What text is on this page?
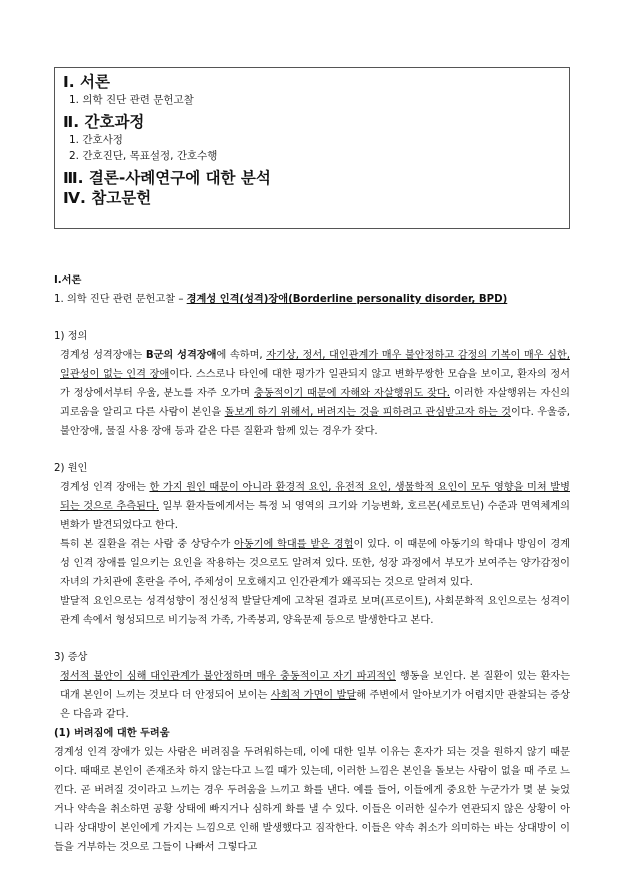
Ⅰ. 서론
1. 의학 진단 관련 문헌고찰
Ⅱ. 간호과정
1. 간호사정
2. 간호진단, 목표설정, 간호수행
Ⅲ. 결론-사례연구에 대한 분석
Ⅳ. 참고문헌
Ⅰ.서론
1. 의학 진단 관련 문헌고찰 – 경계성 인격(성격)장애(Borderline personality disorder, BPD)
1) 정의

경계성 성격장애는 B군의 성격장애에 속하며, 자기상, 정서, 대인관계가 매우 불안정하고 감정의 기복이 매우 심한, 일관성이 없는 인격 장애이다. 스스로나 타인에 대한 평가가 일관되지 않고 변화무쌍한 모습을 보이고, 환자의 정서가 정상에서부터 우울, 분노를 자주 오가며 충동적이기 때문에 자해와 자살행위도 잦다. 이러한 자살행위는 자신의 괴로움을 알리고 다른 사람이 본인을 돌보게 하기 위해서, 버려지는 것을 피하려고 관심받고자 하는 것이다. 우울증, 불안장애, 물질 사용 장애 등과 같은 다른 질환과 함께 있는 경우가 잦다.

2) 원인

경계성 인격 장애는 한 가지 원인 때문이 아니라 환경적 요인, 유전적 요인, 생물학적 요인이 모두 영향을 미쳐 발병되는 것으로 추측된다. 일부 환자들에게서는 특정 뇌 영역의 크기와 기능변화, 호르몬(세로토닌) 수준과 면역체계의 변화가 발견되었다고 한다.

특히 본 질환을 겪는 사람 중 상당수가 아동기에 학대를 받은 경험이 있다. 이 때문에 아동기의 학대나 방임이 경계성 인격 장애를 일으키는 요인을 작용하는 것으로도 알려져 있다. 또한, 성장 과정에서 부모가 보여주는 양가감정이 자녀의 가치관에 혼란을 주어, 주체성이 모호해지고 인간관계가 왜곡되는 것으로 알려져 있다.

발달적 요인으로는 성격성향이 정신성적 발달단계에 고착된 결과로 보며(프로이트), 사회문화적 요인으로는 성격이 관계 속에서 형성되므로 비기능적 가족, 가족붕괴, 양육문제 등으로 발생한다고 본다.

3) 증상

정서적 불안이 심해 대인관계가 불안정하며 매우 충동적이고 자기 파괴적인 행동을 보인다. 본 질환이 있는 환자는 대개 본인이 느끼는 것보다 더 안정되어 보이는 사회적 가면이 발달해 주변에서 알아보기가 어렵지만 관찰되는 증상은 다음과 같다.

(1) 버려짐에 대한 두려움

경계성 인격 장애가 있는 사람은 버려짐을 두려워하는데, 이에 대한 일부 이유는 혼자가 되는 것을 원하지 않기 때문이다. 때때로 본인이 존재조차 하지 않는다고 느낄 때가 있는데, 이러한 느낌은 본인을 돌보는 사람이 없을 때 주로 느낀다. 곧 버려질 것이라고 느끼는 경우 두려움을 느끼고 화를 낸다. 예를 들어, 이들에게 중요한 누군가가 몇 분 늦었거나 약속을 취소하면 공황 상태에 빠지거나 심하게 화를 낼 수 있다. 이들은 이러한 실수가 연관되지 않은 상황이 아니라 상대방이 본인에게 가지는 느낌으로 인해 발생했다고 짐작한다. 이들은 약속 취소가 의미하는 바는 상대방이 이들을 거부하는 것으로 그들이 나빠서 그렇다고
